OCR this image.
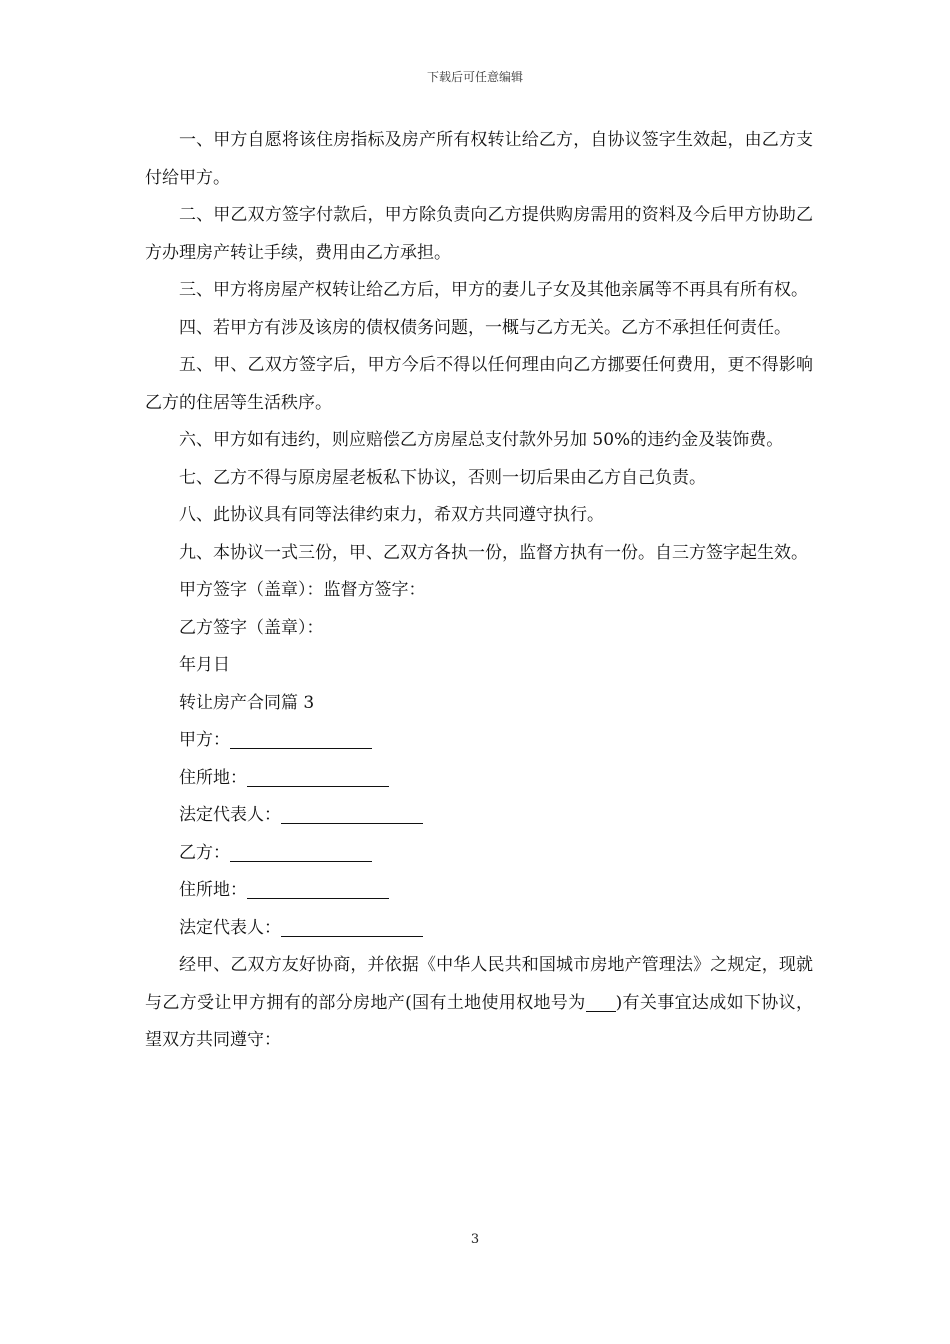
下载后可任意编辑

一、甲方自愿将该住房指标及房产所有权转让给乙方，自协议签字生效起，由乙方支付给甲方。

二、甲乙双方签字付款后，甲方除负责向乙方提供购房需用的资料及今后甲方协助乙方办理房产转让手续，费用由乙方承担。

三、甲方将房屋产权转让给乙方后，甲方的妻儿子女及其他亲属等不再具有所有权。

四、若甲方有涉及该房的债权债务问题，一概与乙方无关。乙方不承担任何责任。

五、甲、乙双方签字后，甲方今后不得以任何理由向乙方挪要任何费用，更不得影响乙方的住居等生活秩序。

六、甲方如有违约，则应赔偿乙方房屋总支付款外另加 50%的违约金及装饰费。

七、乙方不得与原房屋老板私下协议，否则一切后果由乙方自己负责。

八、此协议具有同等法律约束力，希双方共同遵守执行。

九、本协议一式三份，甲、乙双方各执一份，监督方执有一份。自三方签字起生效。

甲方签字（盖章）：监督方签字：

乙方签字（盖章）：

年月日

转让房产合同篇 3

甲方：

住所地：

法定代表人：

乙方：

住所地：

法定代表人：

经甲、乙双方友好协商，并依据《中华人民共和国城市房地产管理法》之规定，现就与乙方受让甲方拥有的部分房地产(国有土地使用权地号为 )有关事宜达成如下协议，望双方共同遵守：

3
